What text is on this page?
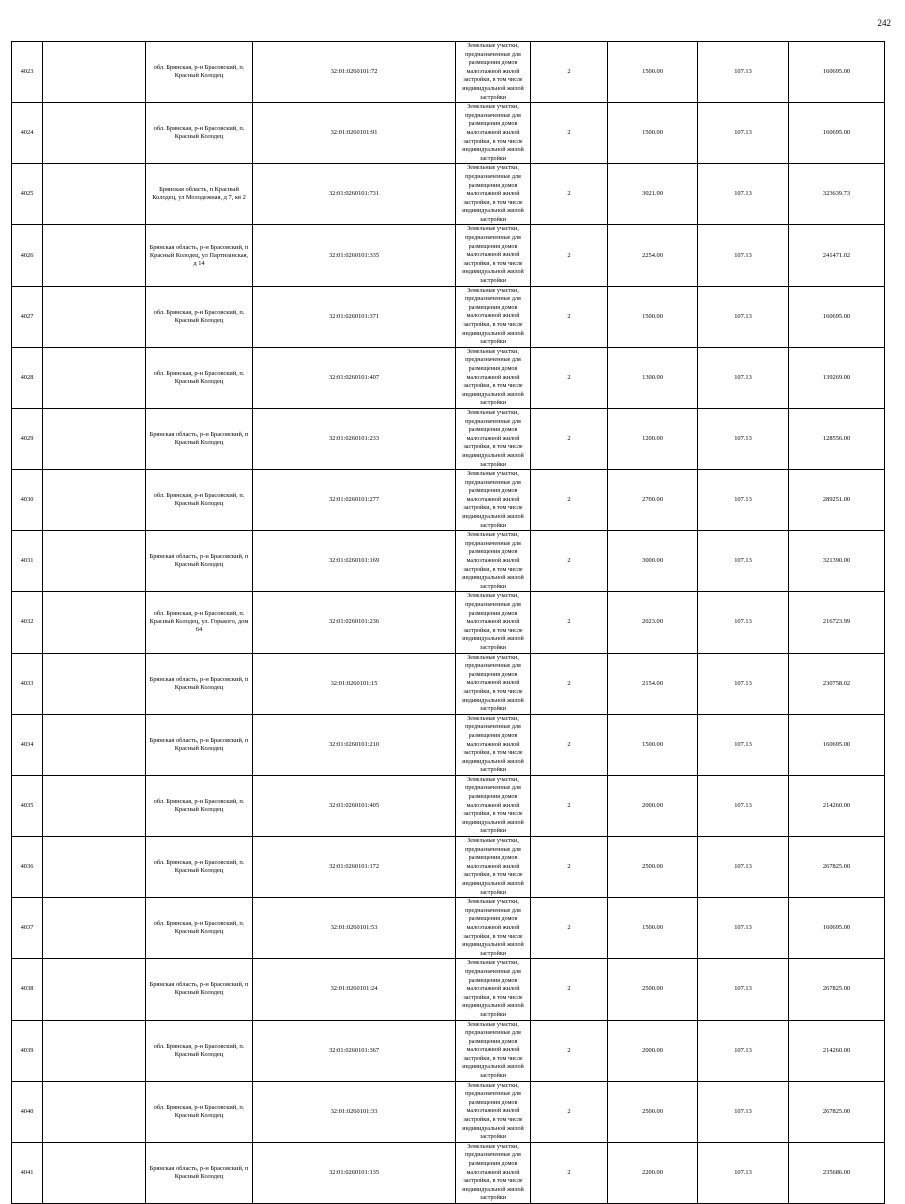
242
4023		обл. Брянская, р-н Брасовский, п. Красный Колодец	32:01:0260101:72	Земельные участки, предназначенные для размещения домов малоэтажной жилой застройки, в том числе индивидуальной жилой застройки	2	1500.00	107.13	160695.00
4024		обл. Брянская, р-н Брасовский, п. Красный Колодец	32:01:0260101:91	Земельные участки, предназначенные для размещения домов малоэтажной жилой застройки, в том числе индивидуальной жилой застройки	2	1500.00	107.13	160695.00
4025		Брянская область, п Красный Колодец, ул Молодежная, д 7, кв 2	32:01:0260101:731	Земельные участки, предназначенные для размещения домов малоэтажной жилой застройки, в том числе индивидуальной жилой застройки	2	3021.00	107.13	323639.73
4026		Брянская область, р-н Брасовский, п Красный Колодец, ул Партизанская, д 14	32:01:0260101:335	Земельные участки, предназначенные для размещения домов малоэтажной жилой застройки, в том числе индивидуальной жилой застройки	2	2254.00	107.13	241471.02
4027		обл. Брянская, р-н Брасовский, п. Красный Колодец	32:01:0260101:371	Земельные участки, предназначенные для размещения домов малоэтажной жилой застройки, в том числе индивидуальной жилой застройки	2	1500.00	107.13	160695.00
4028		обл. Брянская, р-н Брасовский, п. Красный Колодец	32:01:0260101:407	Земельные участки, предназначенные для размещения домов малоэтажной жилой застройки, в том числе индивидуальной жилой застройки	2	1300.00	107.13	139269.00
4029		Брянская область, р-н Брасовский, п Красный Колодец	32:01:0260101:233	Земельные участки, предназначенные для размещения домов малоэтажной жилой застройки, в том числе индивидуальной жилой застройки	2	1200.00	107.13	128556.00
4030		обл. Брянская, р-н Брасовский, п. Красный Колодец	32:01:0260101:277	Земельные участки, предназначенные для размещения домов малоэтажной жилой застройки, в том числе индивидуальной жилой застройки	2	2700.00	107.13	289251.00
4031		Брянская область, р-н Брасовский, п Красный Колодец	32:01:0260101:169	Земельные участки, предназначенные для размещения домов малоэтажной жилой застройки, в том числе индивидуальной жилой застройки	2	3000.00	107.13	321390.00
4032		обл. Брянская, р-н Брасовский, п. Красный Колодец, ул. Горького, дом 64	32:01:0260101:236	Земельные участки, предназначенные для размещения домов малоэтажной жилой застройки, в том числе индивидуальной жилой застройки	2	2023.00	107.13	216723.99
4033		Брянская область, р-н Брасовский, п Красный Колодец	32:01:0260101:15	Земельные участки, предназначенные для размещения домов малоэтажной жилой застройки, в том числе индивидуальной жилой застройки	2	2154.00	107.13	230758.02
4034		Брянская область, р-н Брасовский, п Красный Колодец	32:01:0260101:210	Земельные участки, предназначенные для размещения домов малоэтажной жилой застройки, в том числе индивидуальной жилой застройки	2	1500.00	107.13	160695.00
4035		обл. Брянская, р-н Брасовский, п. Красный Колодец	32:01:0260101:405	Земельные участки, предназначенные для размещения домов малоэтажной жилой застройки, в том числе индивидуальной жилой застройки	2	2000.00	107.13	214260.00
4036		обл. Брянская, р-н Брасовский, п. Красный Колодец	32:01:0260101:172	Земельные участки, предназначенные для размещения домов малоэтажной жилой застройки, в том числе индивидуальной жилой застройки	2	2500.00	107.13	267825.00
4037		обл. Брянская, р-н Брасовский, п. Красный Колодец	32:01:0260101:53	Земельные участки, предназначенные для размещения домов малоэтажной жилой застройки, в том числе индивидуальной жилой застройки	2	1500.00	107.13	160695.00
4038		Брянская область, р-н Брасовский, п Красный Колодец	32:01:0260101:24	Земельные участки, предназначенные для размещения домов малоэтажной жилой застройки, в том числе индивидуальной жилой застройки	2	2500.00	107.13	267825.00
4039		обл. Брянская, р-н Брасовский, п. Красный Колодец	32:01:0260101:367	Земельные участки, предназначенные для размещения домов малоэтажной жилой застройки, в том числе индивидуальной жилой застройки	2	2000.00	107.13	214260.00
4040		обл. Брянская, р-н Брасовский, п. Красный Колодец	32:01:0260101:33	Земельные участки, предназначенные для размещения домов малоэтажной жилой застройки, в том числе индивидуальной жилой застройки	2	2500.00	107.13	267825.00
4041		Брянская область, р-н Брасовский, п Красный Колодец	32:01:0260101:135	Земельные участки, предназначенные для размещения домов малоэтажной жилой застройки, в том числе индивидуальной жилой застройки	2	2200.00	107.13	235686.00
